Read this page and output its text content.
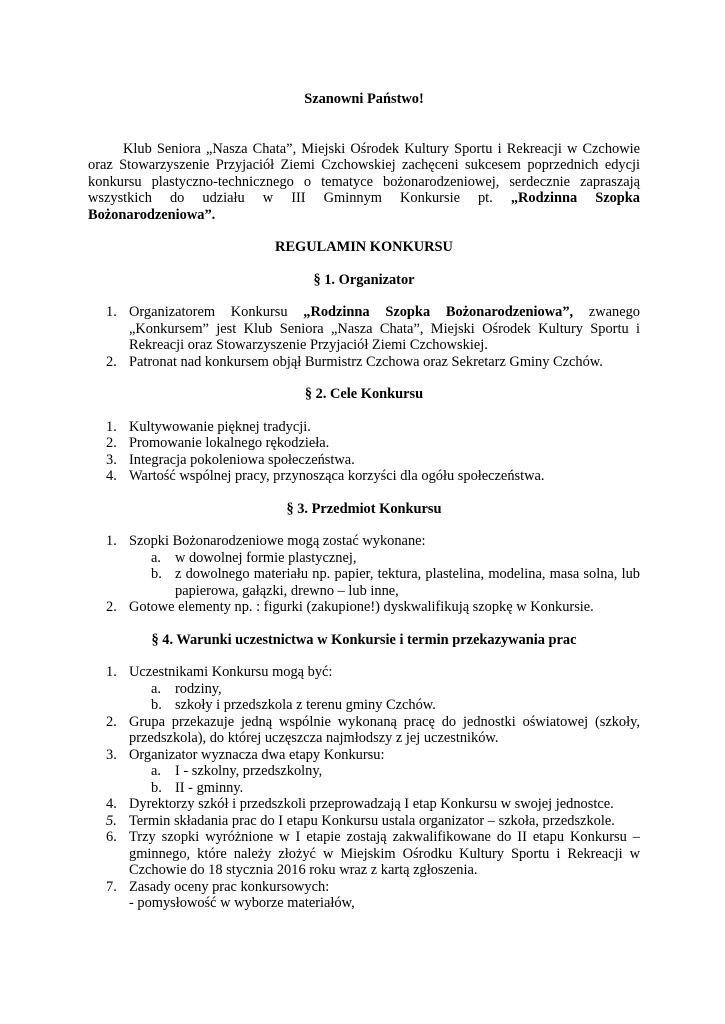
Szanowni Państwo!

Klub Seniora „Nasza Chata”, Miejski Ośrodek Kultury Sportu i Rekreacji w Czchowie oraz Stowarzyszenie Przyjaciół Ziemi Czchowskiej zachęceni sukcesem poprzednich edycji konkursu plastyczno-technicznego o tematyce bożonarodzeniowej, serdecznie zapraszają wszystkich do udziału w III Gminnym Konkursie pt. „Rodzinna Szopka Bożonarodzeniowa”.

REGULAMIN KONKURSU

§ 1. Organizator

1. Organizatorem Konkursu „Rodzinna Szopka Bożonarodzeniowa”, zwanego „Konkursem” jest Klub Seniora „Nasza Chata”, Miejski Ośrodek Kultury Sportu i Rekreacji oraz Stowarzyszenie Przyjaciół Ziemi Czchowskiej.
2. Patronat nad konkursem objął Burmistrz Czchowa oraz Sekretarz Gminy Czchów.

§ 2. Cele Konkursu

1. Kultywowanie pięknej tradycji.
2. Promowanie lokalnego rękodzieła.
3. Integracja pokoleniowa społeczeństwa.
4. Wartość wspólnej pracy, przynosząca korzyści dla ogółu społeczeństwa.

§ 3. Przedmiot Konkursu

1. Szopki Bożonarodzeniowe mogą zostać wykonane:
a. w dowolnej formie plastycznej,
b. z dowolnego materiału np. papier, tektura, plastelina, modelina, masa solna, lub papierowa, gałązki, drewno – lub inne,
2. Gotowe elementy np. : figurki (zakupione!) dyskwalifikują szopkę w Konkursie.

§ 4. Warunki uczestnictwa w Konkursie i termin przekazywania prac

1. Uczestnikami Konkursu mogą być:
a. rodziny,
b. szkoły i przedszkola z terenu gminy Czchów.
2. Grupa przekazuje jedną wspólnie wykonaną pracę do jednostki oświatowej (szkoły, przedszkola), do której uczęszcza najmłodszy z jej uczestników.
3. Organizator wyznacza dwa etapy Konkursu:
a. I - szkolny, przedszkolny,
b. II - gminny.
4. Dyrektorzy szkół i przedszkoli przeprowadzają I etap Konkursu w swojej jednostce.
5. Termin składania prac do I etapu Konkursu ustala organizator – szkoła, przedszkole.
6. Trzy szopki wyróżnione w I etapie zostają zakwalifikowane do II etapu Konkursu – gminnego, które należy złożyć w Miejskim Ośrodku Kultury Sportu i Rekreacji w Czchowie do 18 stycznia 2016 roku wraz z kartą zgłoszenia.
7. Zasady oceny prac konkursowych:
- pomysłowość w wyborze materiałów,
